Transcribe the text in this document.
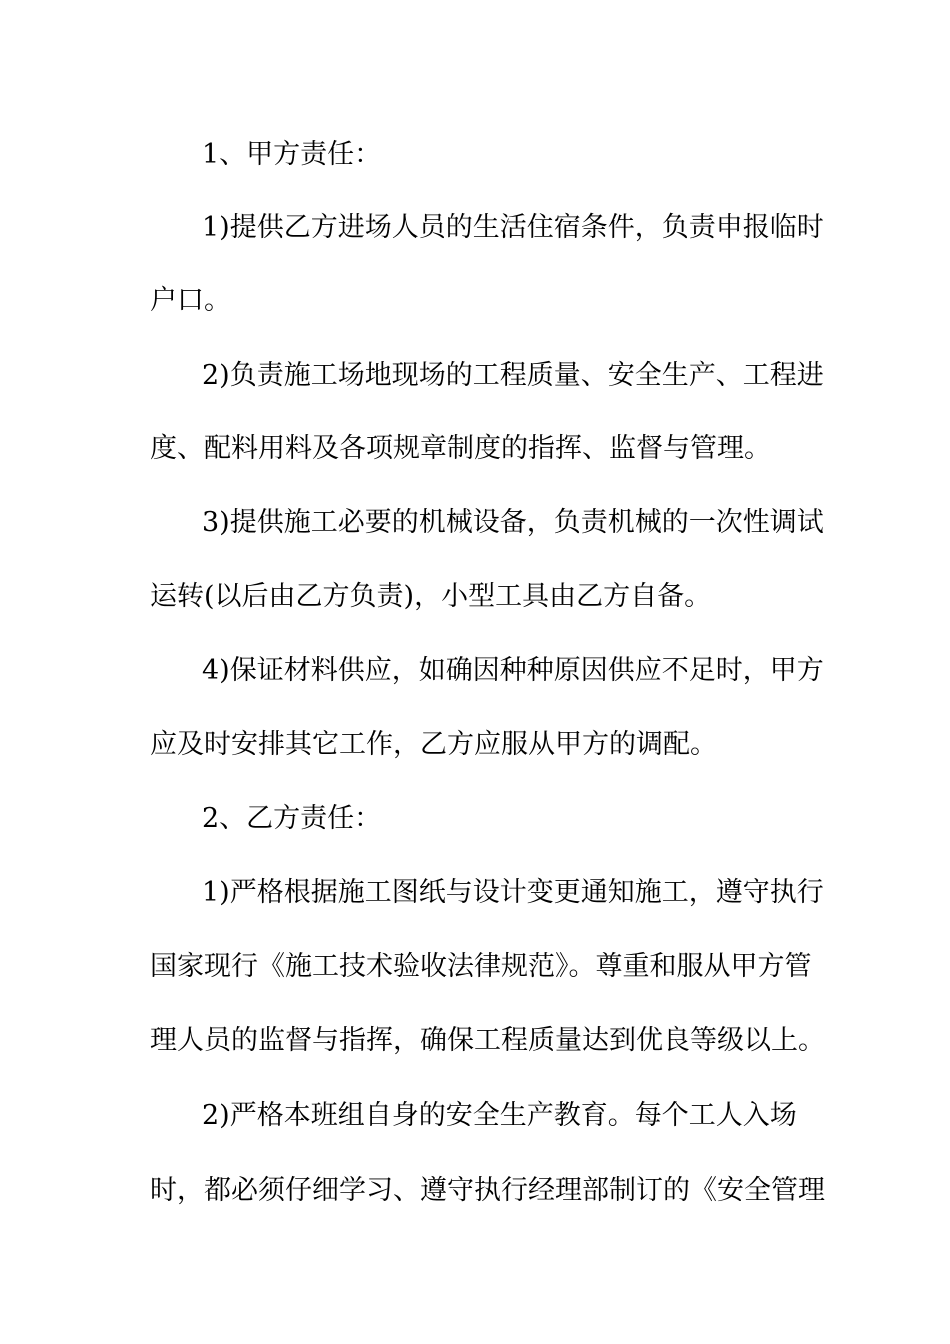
1、甲方责任：
1)提供乙方进场人员的生活住宿条件，负责申报临时
户口。
2)负责施工场地现场的工程质量、安全生产、工程进
度、配料用料及各项规章制度的指挥、监督与管理。
3)提供施工必要的机械设备，负责机械的一次性调试
运转(以后由乙方负责)，小型工具由乙方自备。
4)保证材料供应，如确因种种原因供应不足时，甲方
应及时安排其它工作，乙方应服从甲方的调配。
2、乙方责任：
1)严格根据施工图纸与设计变更通知施工，遵守执行
国家现行《施工技术验收法律规范》。尊重和服从甲方管
理人员的监督与指挥，确保工程质量达到优良等级以上。
2)严格本班组自身的安全生产教育。每个工人入场
时，都必须仔细学习、遵守执行经理部制订的《安全管理
